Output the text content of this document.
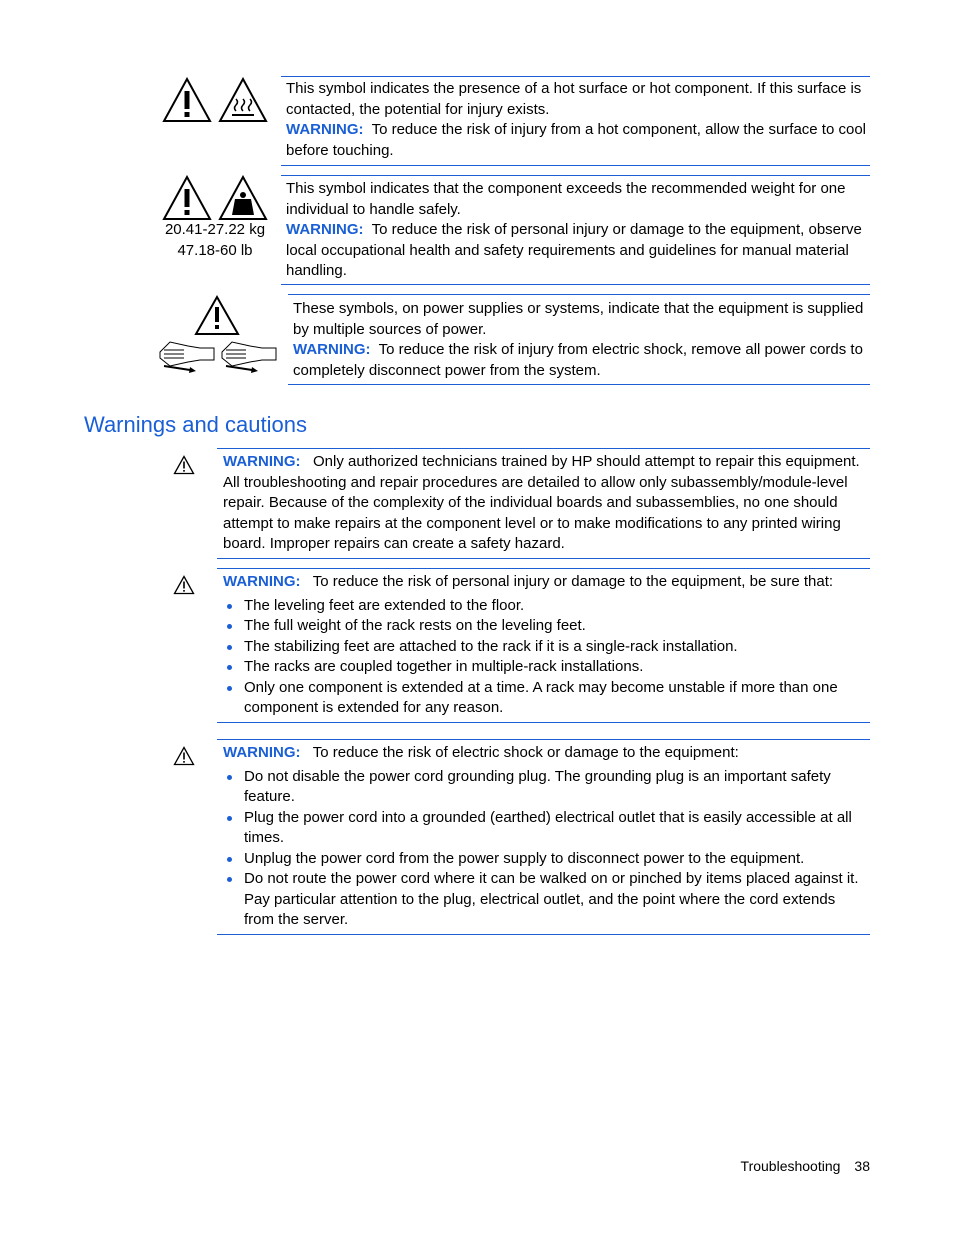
This symbol indicates the presence of a hot surface or hot component. If this surface is contacted, the potential for injury exists.
WARNING: To reduce the risk of injury from a hot component, allow the surface to cool before touching.
20.41-27.22 kg
47.18-60 lb
This symbol indicates that the component exceeds the recommended weight for one individual to handle safely.
WARNING: To reduce the risk of personal injury or damage to the equipment, observe local occupational health and safety requirements and guidelines for manual material handling.
These symbols, on power supplies or systems, indicate that the equipment is supplied by multiple sources of power.
WARNING: To reduce the risk of injury from electric shock, remove all power cords to completely disconnect power from the system.
Warnings and cautions
WARNING: Only authorized technicians trained by HP should attempt to repair this equipment. All troubleshooting and repair procedures are detailed to allow only subassembly/module-level repair. Because of the complexity of the individual boards and subassemblies, no one should attempt to make repairs at the component level or to make modifications to any printed wiring board. Improper repairs can create a safety hazard.
WARNING: To reduce the risk of personal injury or damage to the equipment, be sure that:
The leveling feet are extended to the floor.
The full weight of the rack rests on the leveling feet.
The stabilizing feet are attached to the rack if it is a single-rack installation.
The racks are coupled together in multiple-rack installations.
Only one component is extended at a time. A rack may become unstable if more than one component is extended for any reason.
WARNING: To reduce the risk of electric shock or damage to the equipment:
Do not disable the power cord grounding plug. The grounding plug is an important safety feature.
Plug the power cord into a grounded (earthed) electrical outlet that is easily accessible at all times.
Unplug the power cord from the power supply to disconnect power to the equipment.
Do not route the power cord where it can be walked on or pinched by items placed against it. Pay particular attention to the plug, electrical outlet, and the point where the cord extends from the server.
Troubleshooting 38
